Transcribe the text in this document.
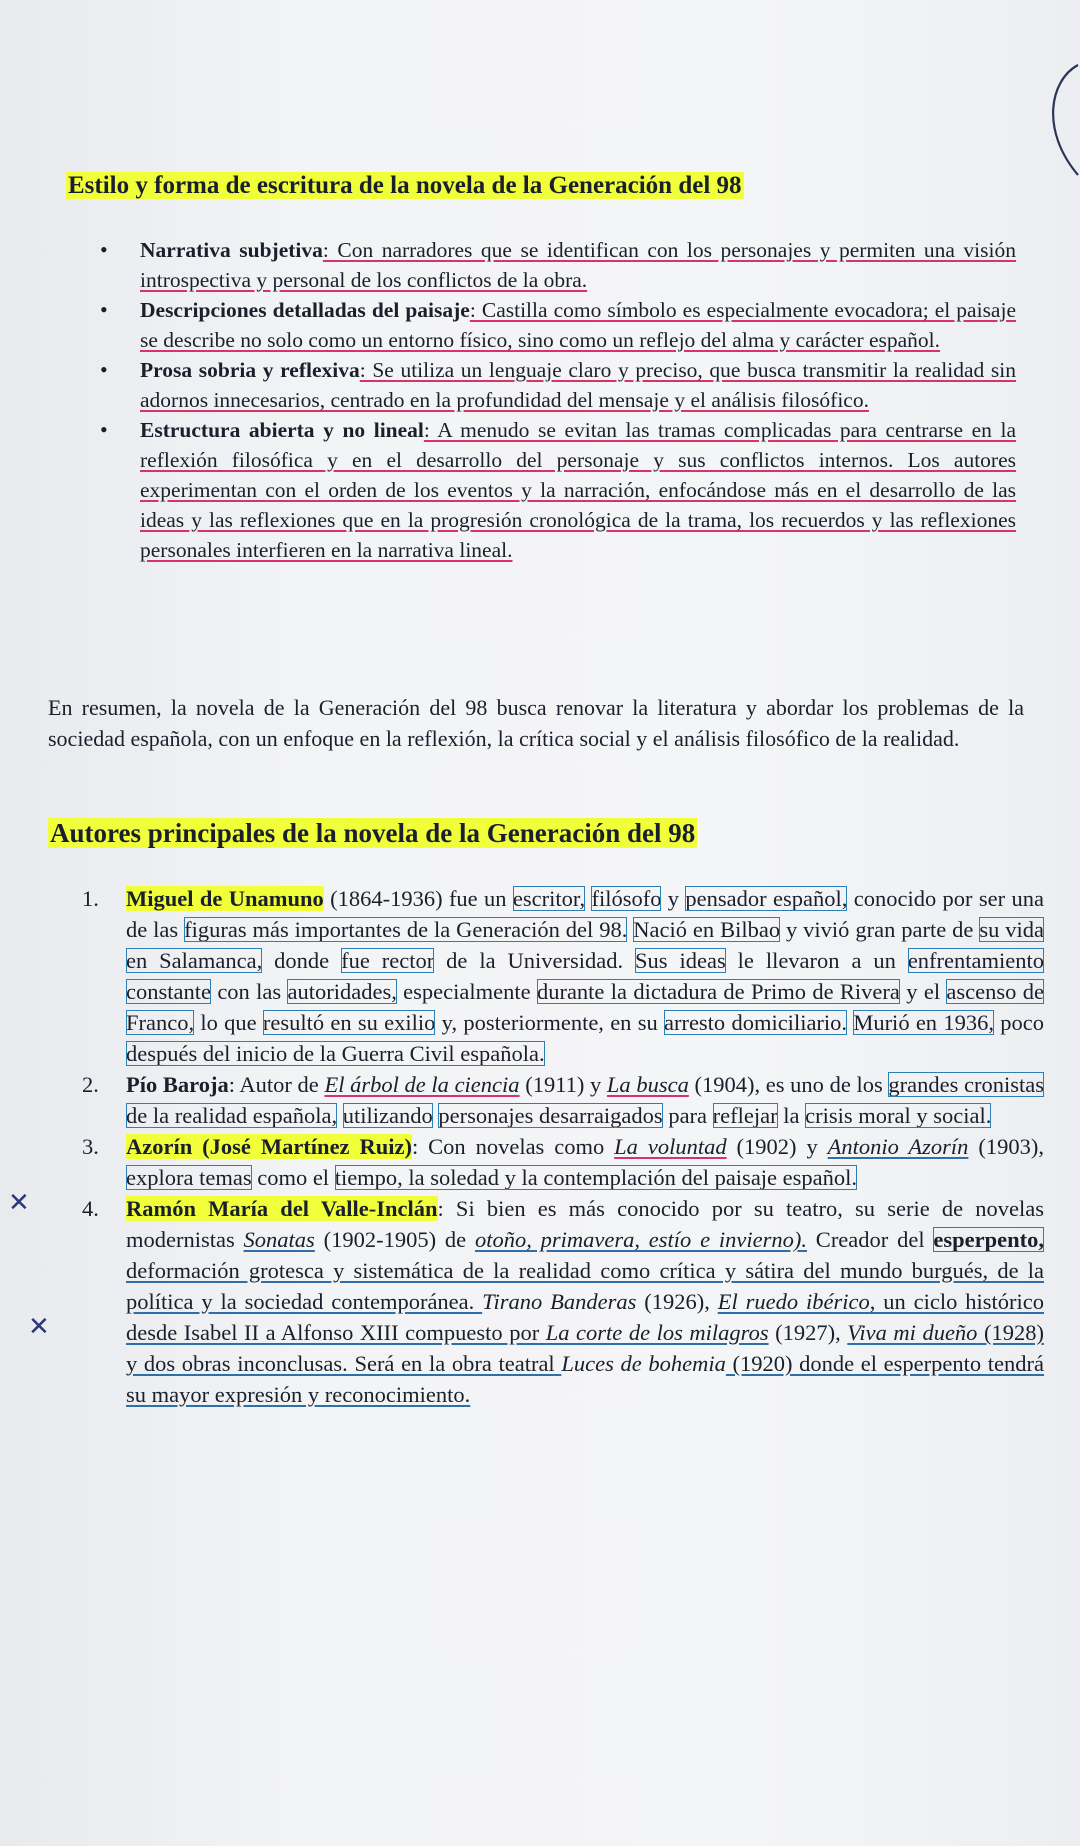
Estilo y forma de escritura de la novela de la Generación del 98
• Narrativa subjetiva: Con narradores que se identifican con los personajes y permiten una visión introspectiva y personal de los conflictos de la obra.
• Descripciones detalladas del paisaje: Castilla como símbolo es especialmente evocadora; el paisaje se describe no solo como un entorno físico, sino como un reflejo del alma y carácter español.
• Prosa sobria y reflexiva: Se utiliza un lenguaje claro y preciso, que busca transmitir la realidad sin adornos innecesarios, centrado en la profundidad del mensaje y el análisis filosófico.
• Estructura abierta y no lineal: A menudo se evitan las tramas complicadas para centrarse en la reflexión filosófica y en el desarrollo del personaje y sus conflictos internos. Los autores experimentan con el orden de los eventos y la narración, enfocándose más en el desarrollo de las ideas y las reflexiones que en la progresión cronológica de la trama, los recuerdos y las reflexiones personales interfieren en la narrativa lineal.

En resumen, la novela de la Generación del 98 busca renovar la literatura y abordar los problemas de la sociedad española, con un enfoque en la reflexión, la crítica social y el análisis filosófico de la realidad.

Autores principales de la novela de la Generación del 98
1. Miguel de Unamuno (1864-1936) fue un escritor, filósofo y pensador español, conocido por ser una de las figuras más importantes de la Generación del 98. Nació en Bilbao y vivió gran parte de su vida en Salamanca, donde fue rector de la Universidad. Sus ideas le llevaron a un enfrentamiento constante con las autoridades, especialmente durante la dictadura de Primo de Rivera y el ascenso de Franco, lo que resultó en su exilio y, posteriormente, en su arresto domiciliario. Murió en 1936, poco después del inicio de la Guerra Civil española.
2. Pío Baroja: Autor de El árbol de la ciencia (1911) y La busca (1904), es uno de los grandes cronistas de la realidad española, utilizando personajes desarraigados para reflejar la crisis moral y social.
3. Azorín (José Martínez Ruiz): Con novelas como La voluntad (1902) y Antonio Azorín (1903), explora temas como el tiempo, la soledad y la contemplación del paisaje español.
4. Ramón María del Valle-Inclán: Si bien es más conocido por su teatro, su serie de novelas modernistas Sonatas (1902-1905) de otoño, primavera, estío e invierno). Creador del esperpento, deformación grotesca y sistemática de la realidad como crítica y sátira del mundo burgués, de la política y la sociedad contemporánea. Tirano Banderas (1926), El ruedo ibérico, un ciclo histórico desde Isabel II a Alfonso XIII compuesto por La corte de los milagros (1927), Viva mi dueño (1928) y dos obras inconclusas. Será en la obra teatral Luces de bohemia (1920) donde el esperpento tendrá su mayor expresión y reconocimiento.
✕
✕
